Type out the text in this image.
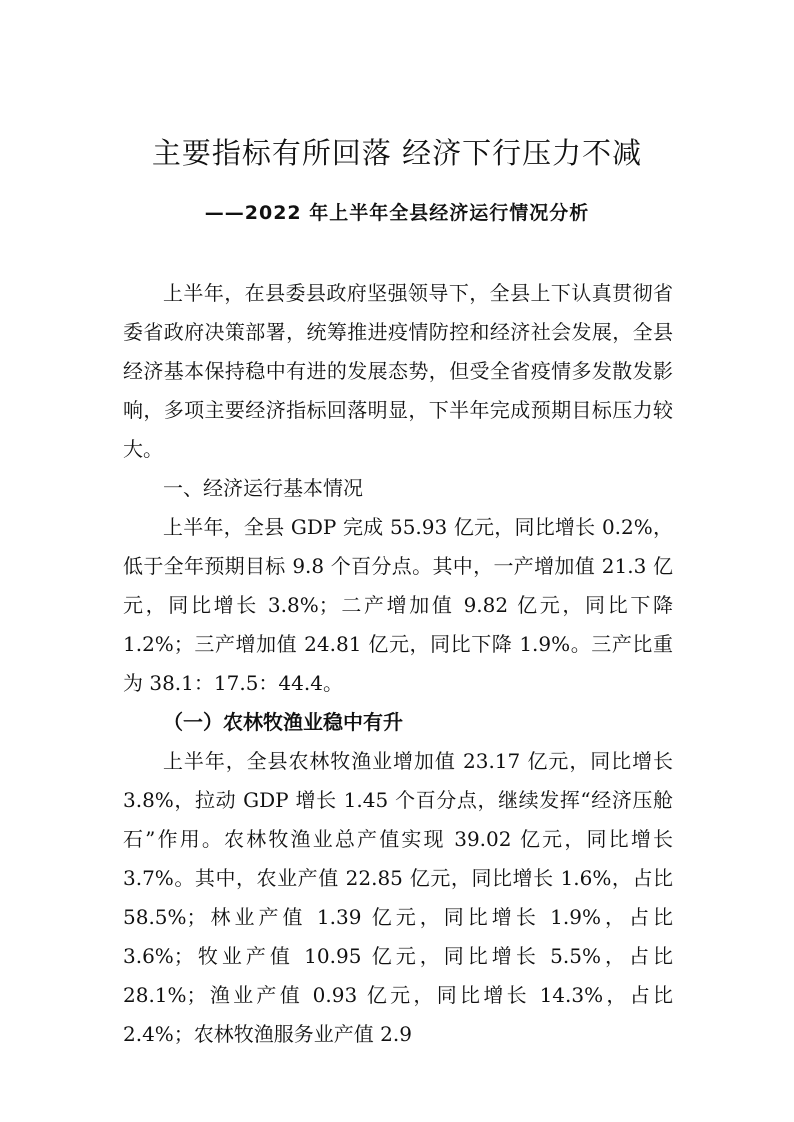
主要指标有所回落 经济下行压力不减
——2022 年上半年全县经济运行情况分析

上半年，在县委县政府坚强领导下，全县上下认真贯彻省委省政府决策部署，统筹推进疫情防控和经济社会发展，全县经济基本保持稳中有进的发展态势，但受全省疫情多发散发影响，多项主要经济指标回落明显，下半年完成预期目标压力较大。

一、经济运行基本情况

上半年，全县 GDP 完成 55.93 亿元，同比增长 0.2%，低于全年预期目标 9.8 个百分点。其中，一产增加值 21.3 亿元，同比增长 3.8%；二产增加值 9.82 亿元，同比下降 1.2%；三产增加值 24.81 亿元，同比下降 1.9%。三产比重为 38.1：17.5：44.4。

（一）农林牧渔业稳中有升

上半年，全县农林牧渔业增加值 23.17 亿元，同比增长 3.8%，拉动 GDP 增长 1.45 个百分点，继续发挥“经济压舱石”作用。农林牧渔业总产值实现 39.02 亿元，同比增长 3.7%。其中，农业产值 22.85 亿元，同比增长 1.6%，占比 58.5%；林业产值 1.39 亿元，同比增长 1.9%，占比 3.6%；牧业产值 10.95 亿元，同比增长 5.5%，占比 28.1%；渔业产值 0.93 亿元，同比增长 14.3%，占比 2.4%；农林牧渔服务业产值 2.9
